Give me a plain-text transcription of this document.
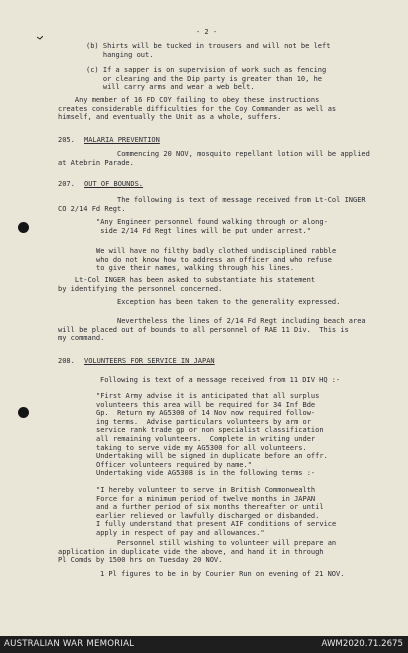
- 2 -
(b) Shirts will be tucked in trousers and will not be left
hanging out.
(c) If a sapper is on supervision of work such as fencing
or clearing and the Dip party is greater than 10, he
will carry arms and wear a web belt.
Any member of 16 FD COY failing to obey these instructions
creates considerable difficulties for the Coy Commander as well as
himself, and eventually the Unit as a whole, suffers.
205. MALARIA PREVENTION
Commencing 20 NOV, mosquito repellant lotion will be applied
at Atebrin Parade.
207. OUT OF BOUNDS.
The following is text of message received from Lt-Col INGER
CO 2/14 Fd Regt.
"Any Engineer personnel found walking through or along-
side 2/14 Fd Regt lines will be put under arrest."
We will have no filthy badly clothed undisciplined rabble
who do not know how to address an officer and who refuse
to give their names, walking through his lines.
Lt-Col INGER has been asked to substantiate his statement
by identifying the personnel concerned.
Exception has been taken to the generality expressed.
Nevertheless the lines of 2/14 Fd Regt including beach area
will be placed out of bounds to all personnel of RAE 11 Div.  This is
my command.
208. VOLUNTEERS FOR SERVICE IN JAPAN
Following is text of a message received from 11 DIV HQ :-
"First Army advise it is anticipated that all surplus
volunteers this area will be required for 34 Inf Bde
Gp.  Return my AG5300 of 14 Nov now required follow-
ing terms.  Advise particulars volunteers by arm or
service rank trade gp or non specialist classification
all remaining volunteers.  Complete in writing under
taking to serve vide my AG5300 for all volunteers.
Undertaking will be signed in duplicate before an offr.
Officer volunteers required by name."
Undertaking vide AG5308 is in the following terms :-
"I hereby volunteer to serve in British Commonwealth
Force for a minimum period of twelve months in JAPAN
and a further period of six months thereafter or until
earlier relieved or lawfully discharged or disbanded.
I fully understand that present AIF conditions of service
apply in respect of pay and allowances."
Personnel still wishing to volunteer will prepare an
application in duplicate vide the above, and hand it in through
Pl Comds by 1500 hrs on Tuesday 20 NOV.
1 Pl figures to be in by Courier Run on evening of 21 NOV.
AUSTRALIAN WAR MEMORIAL	AWM2020.71.2675
